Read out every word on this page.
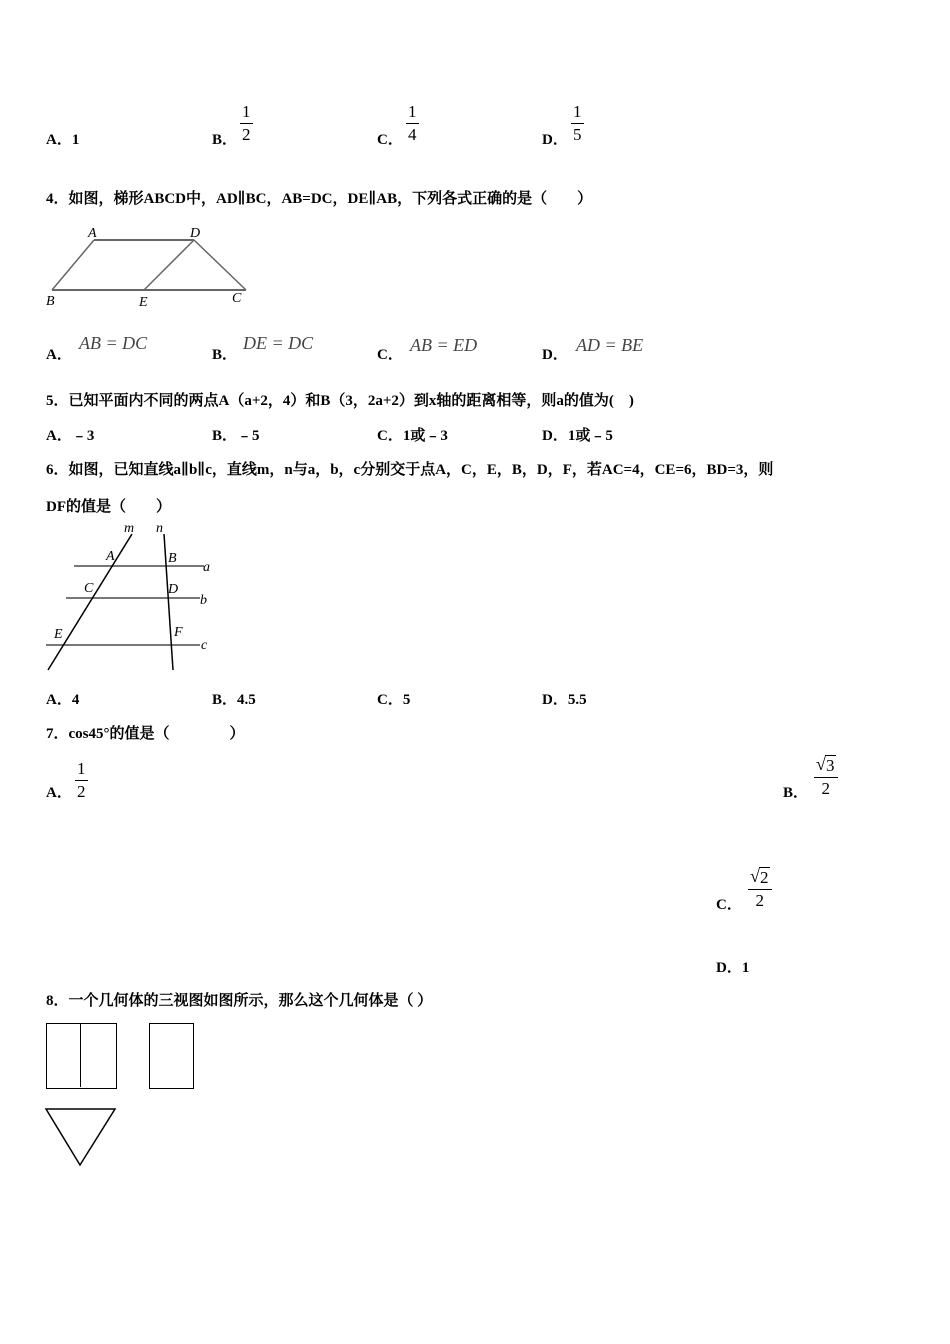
A．1	B．
1
2	C．
1
4	D．
1
5
4．如图，梯形ABCD中，AD∥BC，AB=DC，DE∥AB，下列各式正确的是（　　）
A	D
B	E	C
A．
AB = DC
B．
DE = DC
C． AB = ED	D． AD = BE
5．已知平面内不同的两点A（a+2，4）和B（3，2a+2）到x轴的距离相等，则a的值为(　)
A．﹣3	B．﹣5	C．1或﹣3	D．1或﹣5
6．如图，已知直线a∥b∥c，直线m，n与a，b，c分别交于点A，C，E，B，D，F，若AC=4，CE=6，BD=3，则
DF的值是（　　）
m n
A	B
a
C	D
b
E	F
c
A．4	B．4.5	C．5	D．5.5
7．cos45°的值是（　　　　）
A．
1
2	B．
√ 3
2
C．
√ 2
2
D．1
8．一个几何体的三视图如图所示，那么这个几何体是（ ）
